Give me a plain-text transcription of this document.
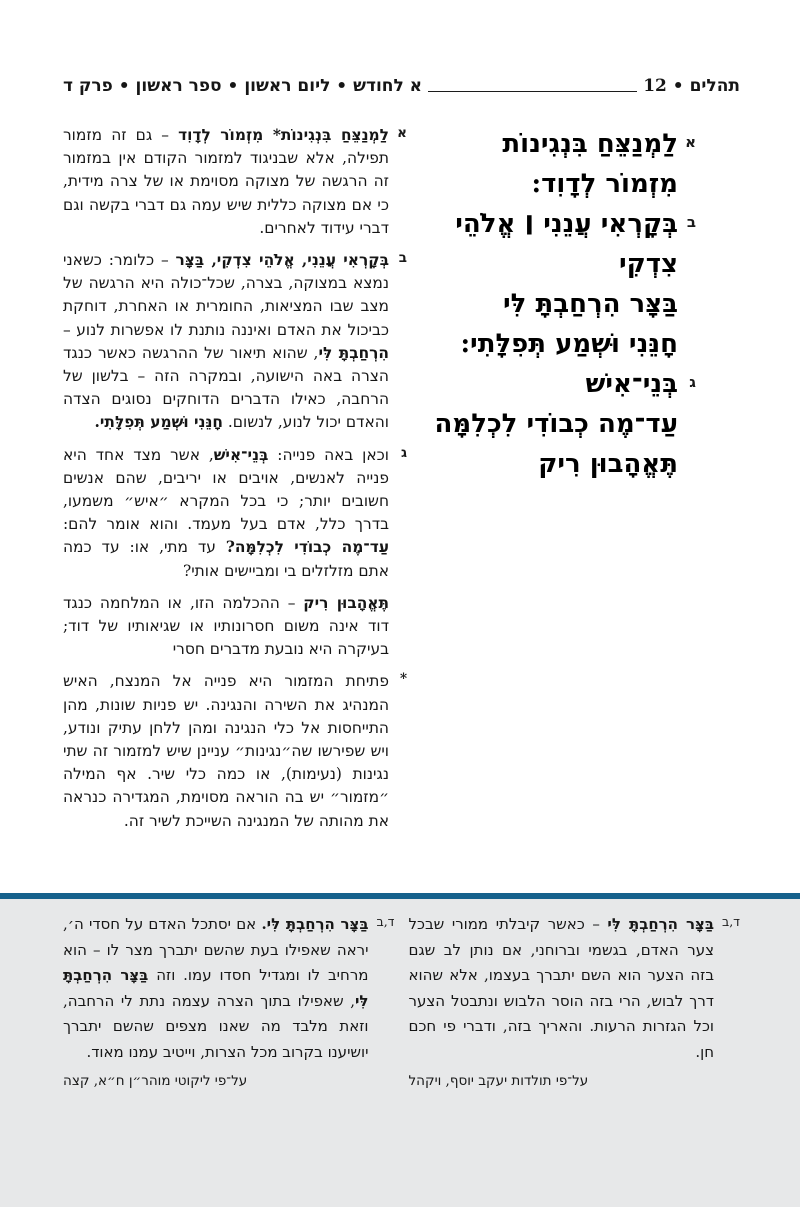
תהלים • 12
א לחודש • ליום ראשון • ספר ראשון • פרק ד
א
לַמְנַצֵּחַ בִּנְגִינוֹת
מִזְמוֹר לְדָוִד:
ב
בְּקָרְאִי עֲנֵנִי ׀ אֱלֹהֵי צִדְקִי
בַּצָּר הִרְחַבְתָּ לִּי
חָנֵּנִי וּשְׁמַע תְּפִלָּתִי:
ג
בְּנֵי־אִישׁ
עַד־מֶה כְבוֹדִי לִכְלִמָּה
תֶּאֱהָבוּן רִיק
א
לַמְנַצֵּחַ בִּנְגִינוֹת* מִזְמוֹר לְדָוִד – גם זה מזמור תפילה, אלא שבניגוד למזמור הקודם אין במזמור זה הרגשה של מצוקה מסוימת או של צרה מידית, כי אם מצוקה כללית שיש עמה גם דברי בקשה וגם דברי עידוד לאחרים.
ב
בְּקָרְאִי עֲנֵנִי, אֱלֹהֵי צִדְקִי, בַּצָּר – כלומר: כשאני נמצא במצוקה, בצרה, שכל־כולה היא הרגשה של מצב שבו המציאות, החומרית או האחרת, דוחקת כביכול את האדם ואיננה נותנת לו אפשרות לנוע – הִרְחַבְתָּ לִּי, שהוא תיאור של ההרגשה כאשר כנגד הצרה באה הישועה, ובמקרה הזה – בלשון של הרחבה, כאילו הדברים הדוחקים נסוגים הצדה והאדם יכול לנוע, לנשום. חָנֵּנִי וּשְׁמַע תְּפִלָּתִי.
ג
וכאן באה פנייה: בְּנֵי־אִישׁ, אשר מצד אחד היא פנייה לאנשים, אויבים או יריבים, שהם אנשים חשובים יותר; כי בכל המקרא ״איש״ משמעו, בדרך כלל, אדם בעל מעמד. והוא אומר להם: עַד־מֶה כְבוֹדִי לִכְלִמָּה? עד מתי, או: עד כמה אתם מזלזלים בי ומביישים אותי?
תֶּאֱהָבוּן רִיק – ההכלמה הזו, או המלחמה כנגד דוד אינה משום חסרונותיו או שגיאותיו של דוד; בעיקרה היא נובעת מדברים חסרי
*
פתיחת המזמור היא פנייה אל המנצח, האיש המנהיג את השירה והנגינה. יש פניות שונות, מהן התייחסות אל כלי הנגינה ומהן ללחן עתיק ונודע, ויש שפירשו שה״נגינות״ עניינן שיש למזמור זה שתי נגינות (נעימות), או כמה כלי שיר. אף המילה ״מזמור״ יש בה הוראה מסוימת, המגדירה כנראה את מהותה של המנגינה השייכת לשיר זה.
ד,ב
בַּצָּר הִרְחַבְתָּ לִּי – כאשר קיבלתי ממורי שבכל צער האדם, בגשמי וברוחני, אם נותן לב שגם בזה הצער הוא השם יתברך בעצמו, אלא שהוא דרך לבוש, הרי בזה הוסר הלבוש ונתבטל הצער וכל הגזרות הרעות. והאריך בזה, ודברי פי חכם חן.
על־פי תולדות יעקב יוסף, ויקהל
ד,ב
בַּצָּר הִרְחַבְתָּ לִּי. אם יסתכל האדם על חסדי ה׳, יראה שאפילו בעת שהשם יתברך מצר לו – הוא מרחיב לו ומגדיל חסדו עמו. וזה בַּצָּר הִרְחַבְתָּ לִּי, שאפילו בתוך הצרה עצמה נתת לי הרחבה, וזאת מלבד מה שאנו מצפים שהשם יתברך יושיענו בקרוב מכל הצרות, וייטיב עמנו מאוד.
על־פי ליקוטי מוהר״ן ח״א, קצה
